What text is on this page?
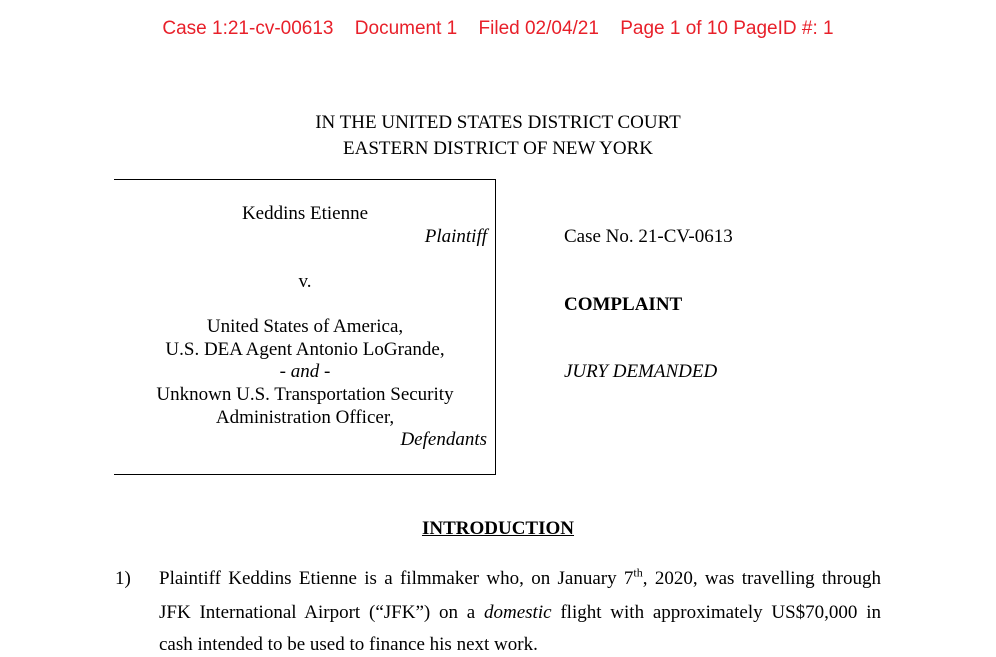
Case 1:21-cv-00613 Document 1 Filed 02/04/21 Page 1 of 10 PageID #: 1
IN THE UNITED STATES DISTRICT COURT
EASTERN DISTRICT OF NEW YORK
Keddins Etienne
Plaintiff
v.
United States of America,
U.S. DEA Agent Antonio LoGrande,
- and -
Unknown U.S. Transportation Security
Administration Officer,
Defendants
Case No. 21-CV-0613
COMPLAINT
JURY DEMANDED
INTRODUCTION
1) Plaintiff Keddins Etienne is a filmmaker who, on January 7th, 2020, was travelling through
JFK International Airport (“JFK”) on a domestic flight with approximately US$70,000 in
cash intended to be used to finance his next work.
